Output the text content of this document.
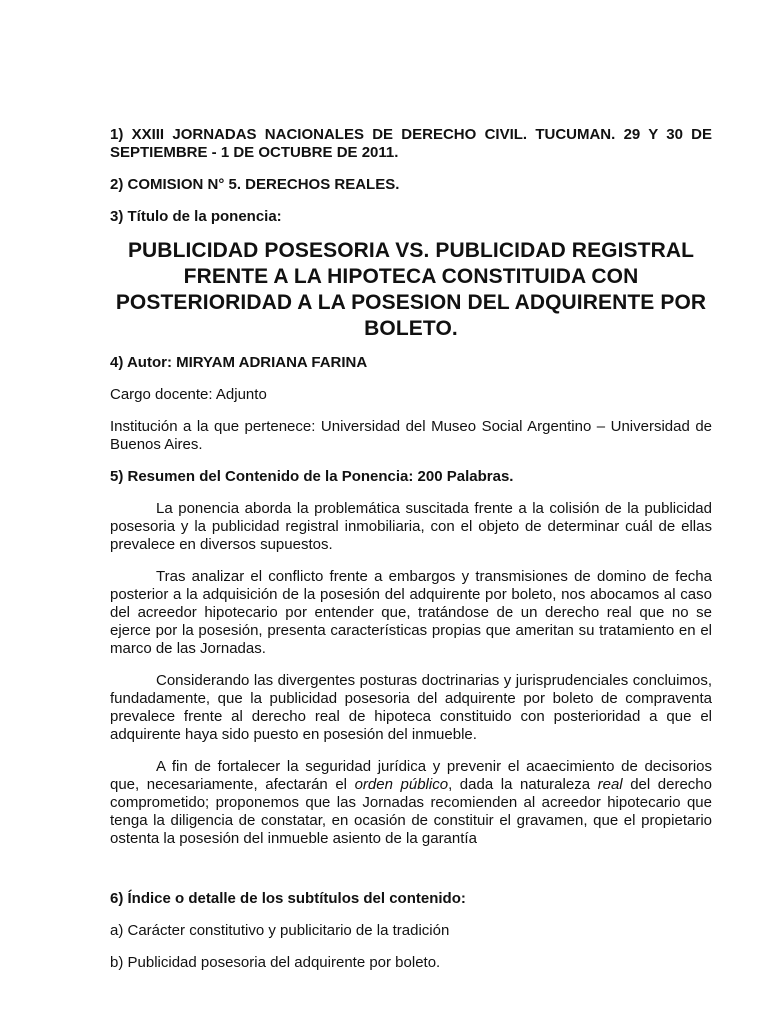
1) XXIII JORNADAS NACIONALES DE DERECHO CIVIL. TUCUMAN. 29 Y 30 DE SEPTIEMBRE - 1 DE OCTUBRE DE 2011.
2) COMISION N° 5. DERECHOS REALES.
3) Título de la ponencia:
PUBLICIDAD POSESORIA VS. PUBLICIDAD REGISTRAL FRENTE A LA HIPOTECA CONSTITUIDA CON POSTERIORIDAD A LA POSESION DEL ADQUIRENTE POR BOLETO.
4) Autor: MIRYAM ADRIANA FARINA
Cargo docente: Adjunto
Institución a la que pertenece: Universidad del Museo Social Argentino – Universidad de Buenos Aires.
5) Resumen del Contenido de la Ponencia: 200 Palabras.

La ponencia aborda la problemática suscitada frente a la colisión de la publicidad posesoria y la publicidad registral inmobiliaria, con el objeto de determinar cuál de ellas prevalece en diversos supuestos.

Tras analizar el conflicto frente a embargos y transmisiones de domino de fecha posterior a la adquisición de la posesión del adquirente por boleto, nos abocamos al caso del acreedor hipotecario por entender que, tratándose de un derecho real que no se ejerce por la posesión, presenta características propias que ameritan su tratamiento en el marco de las Jornadas.

Considerando las divergentes posturas doctrinarias y jurisprudenciales concluimos, fundadamente, que la publicidad posesoria del adquirente por boleto de compraventa prevalece frente al derecho real de hipoteca constituido con posterioridad a que el adquirente haya sido puesto en posesión del inmueble.

A fin de fortalecer la seguridad jurídica y prevenir el acaecimiento de decisorios que, necesariamente, afectarán el orden público, dada la naturaleza real del derecho comprometido; proponemos que las Jornadas recomienden al acreedor hipotecario que tenga la diligencia de constatar, en ocasión de constituir el gravamen, que el propietario ostenta la posesión del inmueble asiento de la garantía

6) Índice o detalle de los subtítulos del contenido:
a) Carácter constitutivo y publicitario de la tradición
b) Publicidad posesoria del adquirente por boleto.
